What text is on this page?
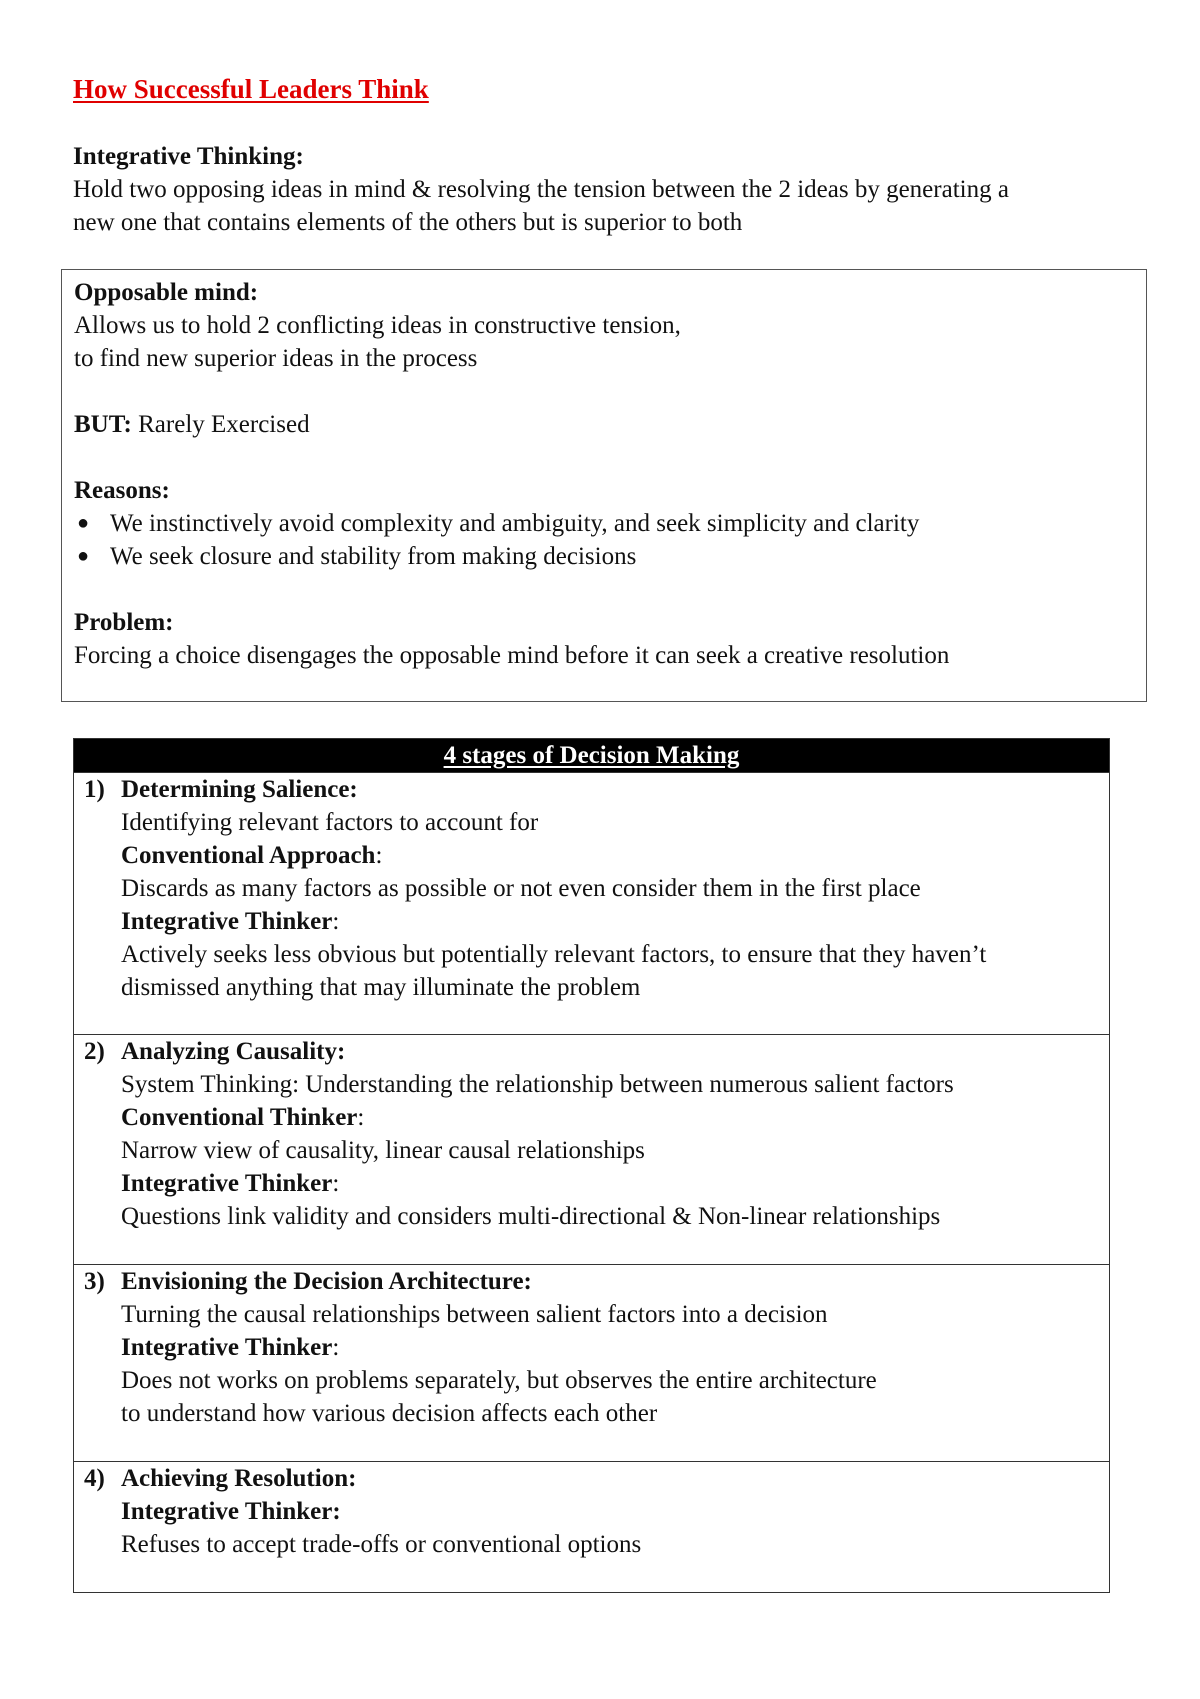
How Successful Leaders Think
Integrative Thinking:
Hold two opposing ideas in mind & resolving the tension between the 2 ideas by generating a
new one that contains elements of the others but is superior to both
Opposable mind:
Allows us to hold 2 conflicting ideas in constructive tension,
to find new superior ideas in the process
BUT: Rarely Exercised
Reasons:
● We instinctively avoid complexity and ambiguity, and seek simplicity and clarity
● We seek closure and stability from making decisions
Problem:
Forcing a choice disengages the opposable mind before it can seek a creative resolution
4 stages of Decision Making
1) Determining Salience:
Identifying relevant factors to account for
Conventional Approach:
Discards as many factors as possible or not even consider them in the first place
Integrative Thinker:
Actively seeks less obvious but potentially relevant factors, to ensure that they haven’t
dismissed anything that may illuminate the problem
2) Analyzing Causality:
System Thinking: Understanding the relationship between numerous salient factors
Conventional Thinker:
Narrow view of causality, linear causal relationships
Integrative Thinker:
Questions link validity and considers multi-directional & Non-linear relationships
3) Envisioning the Decision Architecture:
Turning the causal relationships between salient factors into a decision
Integrative Thinker:
Does not works on problems separately, but observes the entire architecture
to understand how various decision affects each other
4) Achieving Resolution:
Integrative Thinker:
Refuses to accept trade-offs or conventional options
